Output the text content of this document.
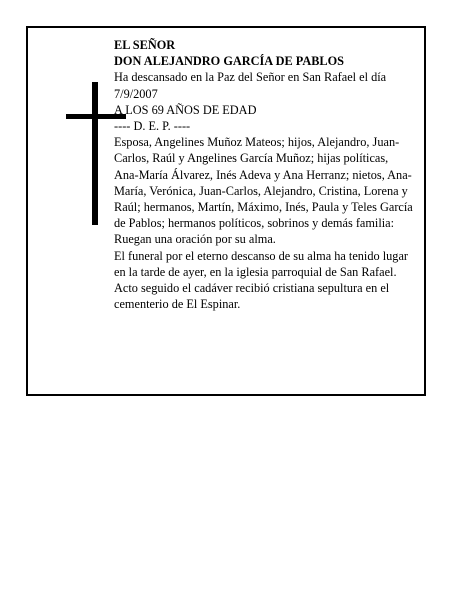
EL SEÑOR

DON ALEJANDRO GARCÍA DE PABLOS

Ha descansado en la Paz del Señor en San Rafael el día 7/9/2007

A LOS 69 AÑOS DE EDAD

---- D. E. P. ----

Esposa, Angelines Muñoz Mateos; hijos, Alejandro, Juan-Carlos, Raúl y Angelines García Muñoz; hijas políticas, Ana-María Álvarez, Inés Adeva y Ana Herranz; nietos, Ana-María, Verónica, Juan-Carlos, Alejandro, Cristina, Lorena y Raúl; hermanos, Martín, Máximo, Inés, Paula y Teles García de Pablos; hermanos políticos, sobrinos y demás familia:

Ruegan una oración por su alma.

El funeral por el eterno descanso de su alma ha tenido lugar en la tarde de ayer, en la iglesia parroquial de San Rafael. Acto seguido el cadáver recibió cristiana sepultura en el cementerio de El Espinar.
